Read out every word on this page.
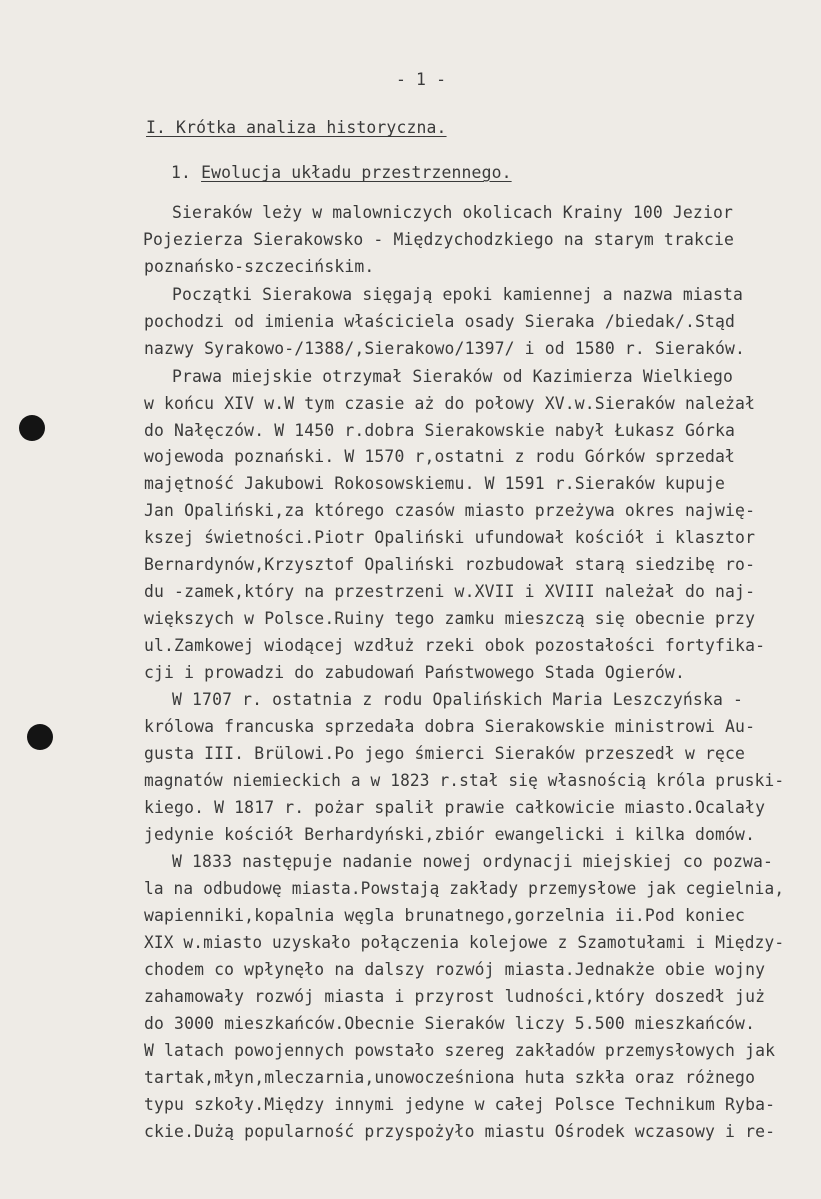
- 1 -
I. Krótka analiza historyczna.
1. Ewolucja układu przestrzennego.
Sieraków leży w malowniczych okolicach Krainy 100 Jezior
Pojezierza Sierakowsko - Międzychodzkiego na starym trakcie
poznańsko-szczecińskim.
Początki Sierakowa sięgają epoki kamiennej a nazwa miasta
pochodzi od imienia właściciela osady Sieraka /biedak/.Stąd
nazwy Syrakowo-/1388/,Sierakowo/1397/ i od 1580 r. Sieraków.
Prawa miejskie otrzymał Sieraków od Kazimierza Wielkiego
w końcu XIV w.W tym czasie aż do połowy XV.w.Sieraków należał
do Nałęczów. W 1450 r.dobra Sierakowskie nabył Łukasz Górka
wojewoda poznański. W 1570 r,ostatni z rodu Górków sprzedał
majętność Jakubowi Rokosowskiemu. W 1591 r.Sieraków kupuje
Jan Opaliński,za którego czasów miasto przeżywa okres najwię-
kszej świetności.Piotr Opaliński ufundował kościół i klasztor
Bernardynów,Krzysztof Opaliński rozbudował starą siedzibę ro-
du -zamek,który na przestrzeni w.XVII i XVIII należał do naj-
większych w Polsce.Ruiny tego zamku mieszczą się obecnie przy
ul.Zamkowej wiodącej wzdłuż rzeki obok pozostałości fortyfika-
cji i prowadzi do zabudowań Państwowego Stada Ogierów.
W 1707 r. ostatnia z rodu Opalińskich Maria Leszczyńska -
królowa francuska sprzedała dobra Sierakowskie ministrowi Au-
gusta III. Brülowi.Po jego śmierci Sieraków przeszedł w ręce
magnatów niemieckich a w 1823 r.stał się własnością króla pruski-
kiego. W 1817 r. pożar spalił prawie całkowicie miasto.Ocalały
jedynie kościół Berhardyński,zbiór ewangelicki i kilka domów.
W 1833 następuje nadanie nowej ordynacji miejskiej co pozwa-
la na odbudowę miasta.Powstają zakłady przemysłowe jak cegielnia,
wapienniki,kopalnia węgla brunatnego,gorzelnia ii.Pod koniec
XIX w.miasto uzyskało połączenia kolejowe z Szamotułami i Między-
chodem co wpłynęło na dalszy rozwój miasta.Jednakże obie wojny
zahamowały rozwój miasta i przyrost ludności,który doszedł już
do 3000 mieszkańców.Obecnie Sieraków liczy 5.500 mieszkańców.
W latach powojennych powstało szereg zakładów przemysłowych jak
tartak,młyn,mleczarnia,unowocześniona huta szkła oraz różnego
typu szkoły.Między innymi jedyne w całej Polsce Technikum Ryba-
ckie.Dużą popularność przyspożyło miastu Ośrodek wczasowy i re-
